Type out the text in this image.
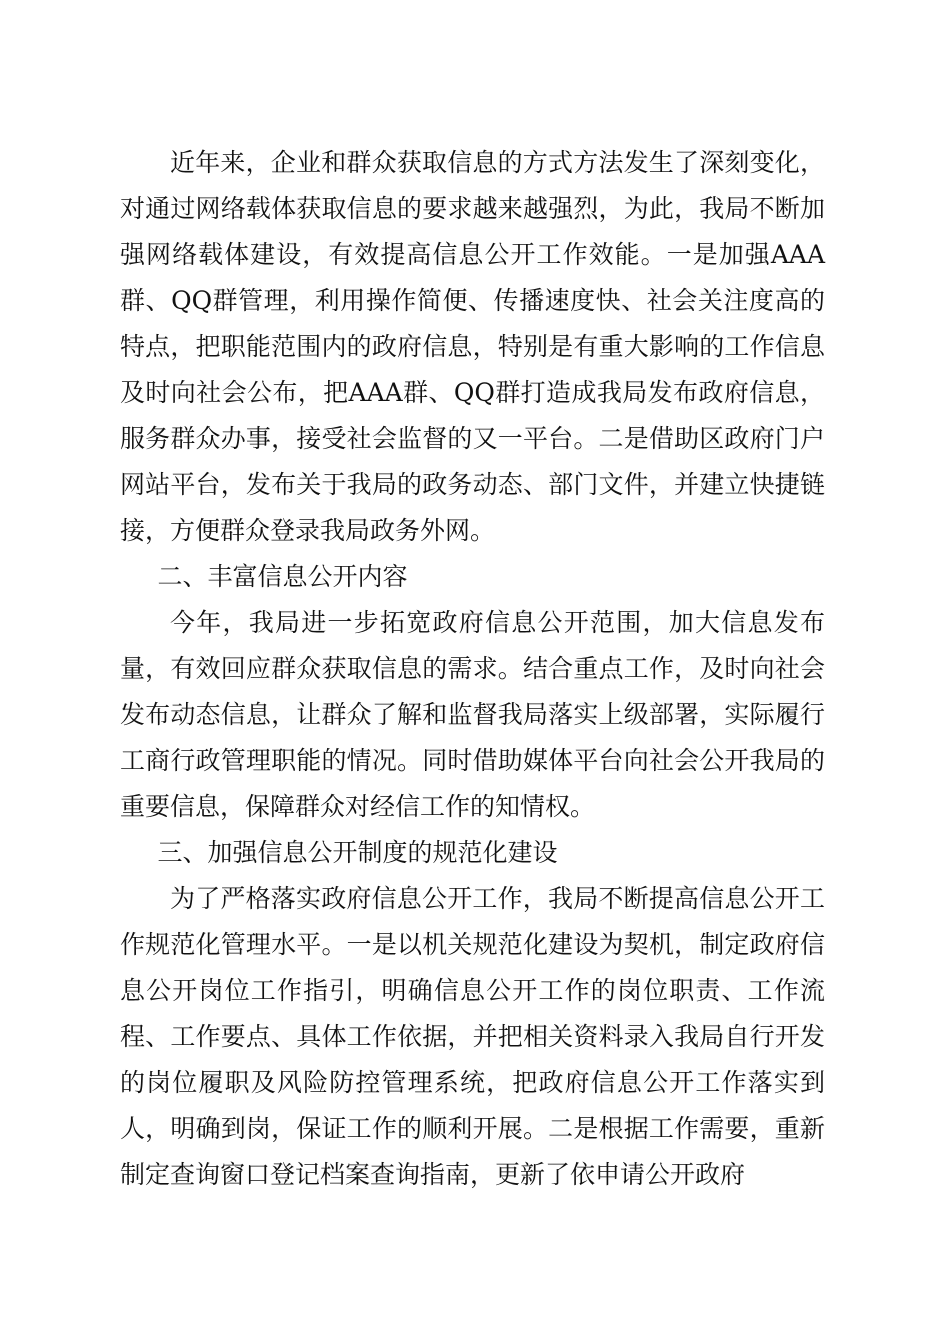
近年来，企业和群众获取信息的方式方法发生了深刻变化，对通过网络载体获取信息的要求越来越强烈，为此，我局不断加强网络载体建设，有效提高信息公开工作效能。一是加强AAA群、QQ群管理，利用操作简便、传播速度快、社会关注度高的特点，把职能范围内的政府信息，特别是有重大影响的工作信息及时向社会公布，把AAA群、QQ群打造成我局发布政府信息，服务群众办事，接受社会监督的又一平台。二是借助区政府门户网站平台，发布关于我局的政务动态、部门文件，并建立快捷链接，方便群众登录我局政务外网。

二、丰富信息公开内容

今年，我局进一步拓宽政府信息公开范围，加大信息发布量，有效回应群众获取信息的需求。结合重点工作，及时向社会发布动态信息，让群众了解和监督我局落实上级部署，实际履行工商行政管理职能的情况。同时借助媒体平台向社会公开我局的重要信息，保障群众对经信工作的知情权。

三、加强信息公开制度的规范化建设

为了严格落实政府信息公开工作，我局不断提高信息公开工作规范化管理水平。一是以机关规范化建设为契机，制定政府信息公开岗位工作指引，明确信息公开工作的岗位职责、工作流程、工作要点、具体工作依据，并把相关资料录入我局自行开发的岗位履职及风险防控管理系统，把政府信息公开工作落实到人，明确到岗，保证工作的顺利开展。二是根据工作需要，重新制定查询窗口登记档案查询指南，更新了依申请公开政府
